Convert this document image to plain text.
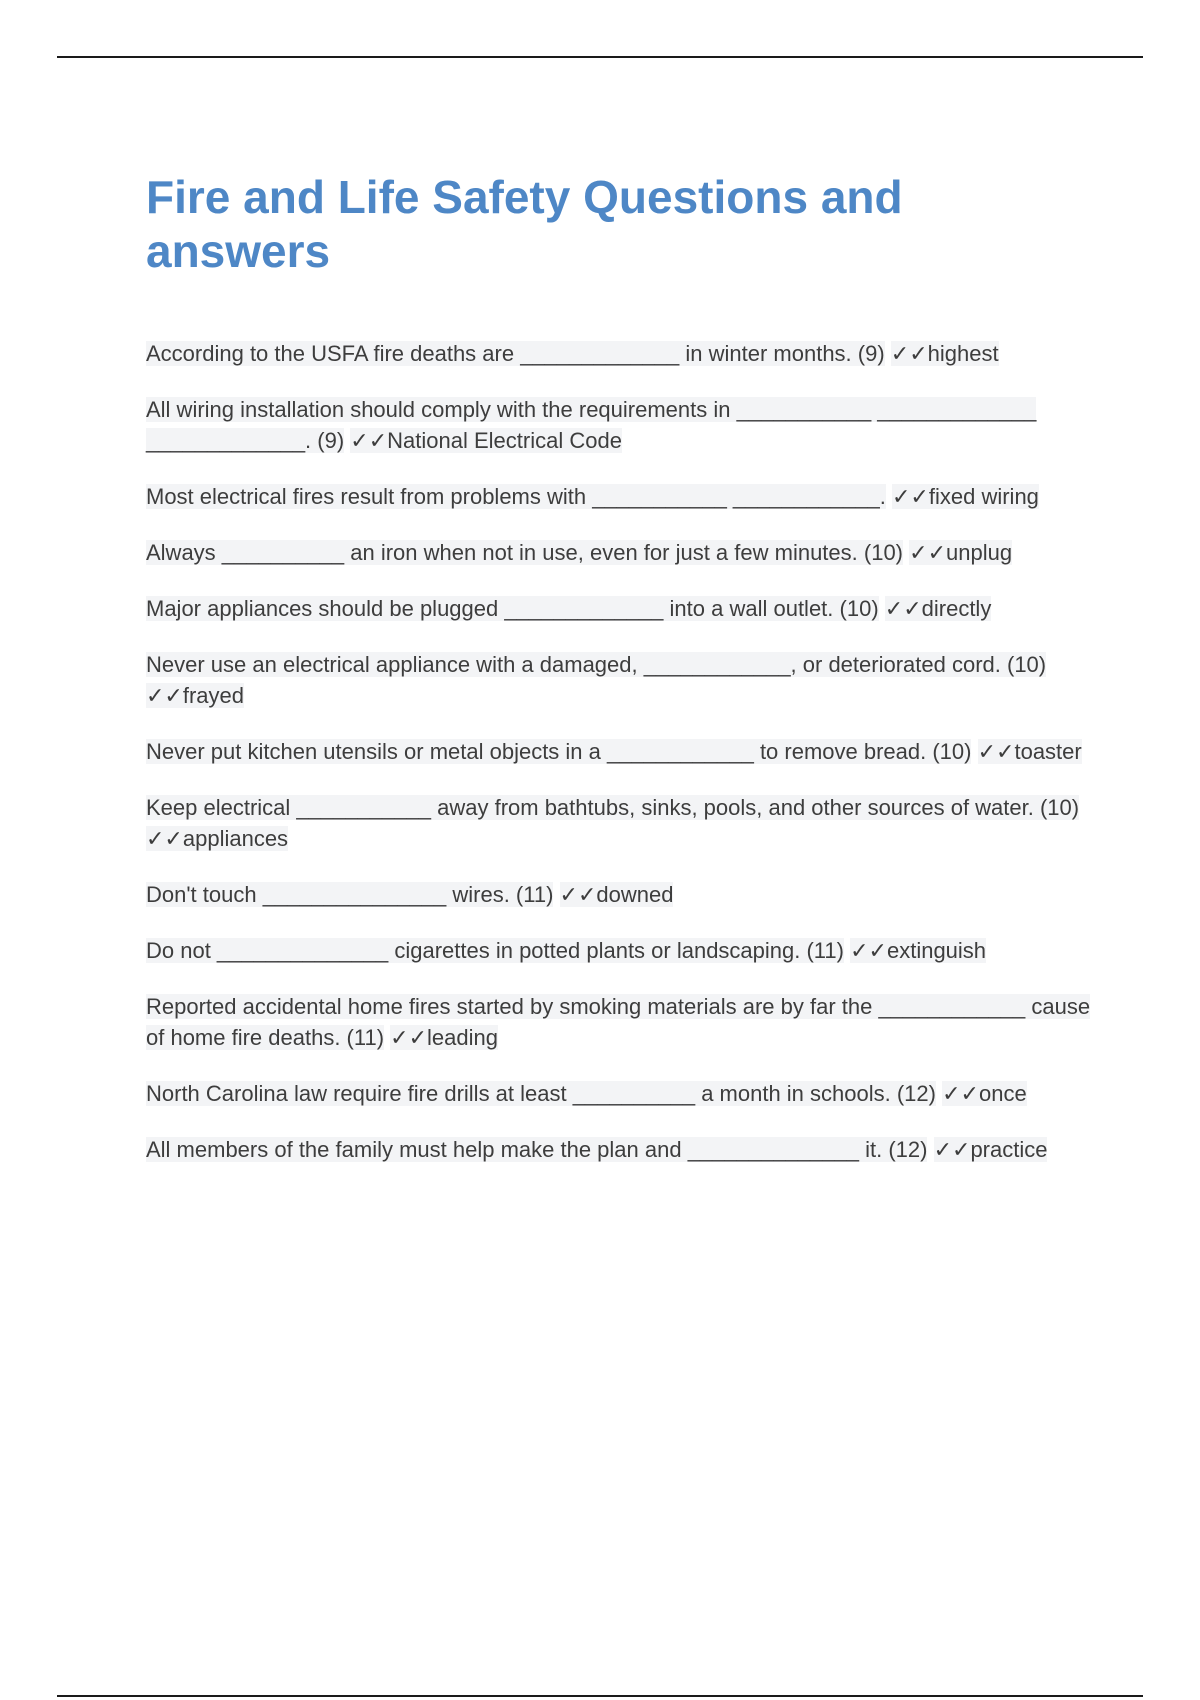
Fire and Life Safety Questions and answers

According to the USFA fire deaths are _____________ in winter months. (9) ✓✓highest

All wiring installation should comply with the requirements in ___________ _____________ _____________. (9) ✓✓National Electrical Code

Most electrical fires result from problems with ___________ ____________. ✓✓fixed wiring

Always __________ an iron when not in use, even for just a few minutes. (10) ✓✓unplug

Major appliances should be plugged _____________ into a wall outlet. (10) ✓✓directly

Never use an electrical appliance with a damaged, ____________, or deteriorated cord. (10) ✓✓frayed

Never put kitchen utensils or metal objects in a ____________ to remove bread. (10) ✓✓toaster

Keep electrical ___________ away from bathtubs, sinks, pools, and other sources of water. (10) ✓✓appliances

Don't touch _______________ wires. (11) ✓✓downed

Do not ______________ cigarettes in potted plants or landscaping. (11) ✓✓extinguish

Reported accidental home fires started by smoking materials are by far the ____________ cause of home fire deaths. (11) ✓✓leading

North Carolina law require fire drills at least __________ a month in schools. (12) ✓✓once

All members of the family must help make the plan and ______________ it. (12) ✓✓practice
